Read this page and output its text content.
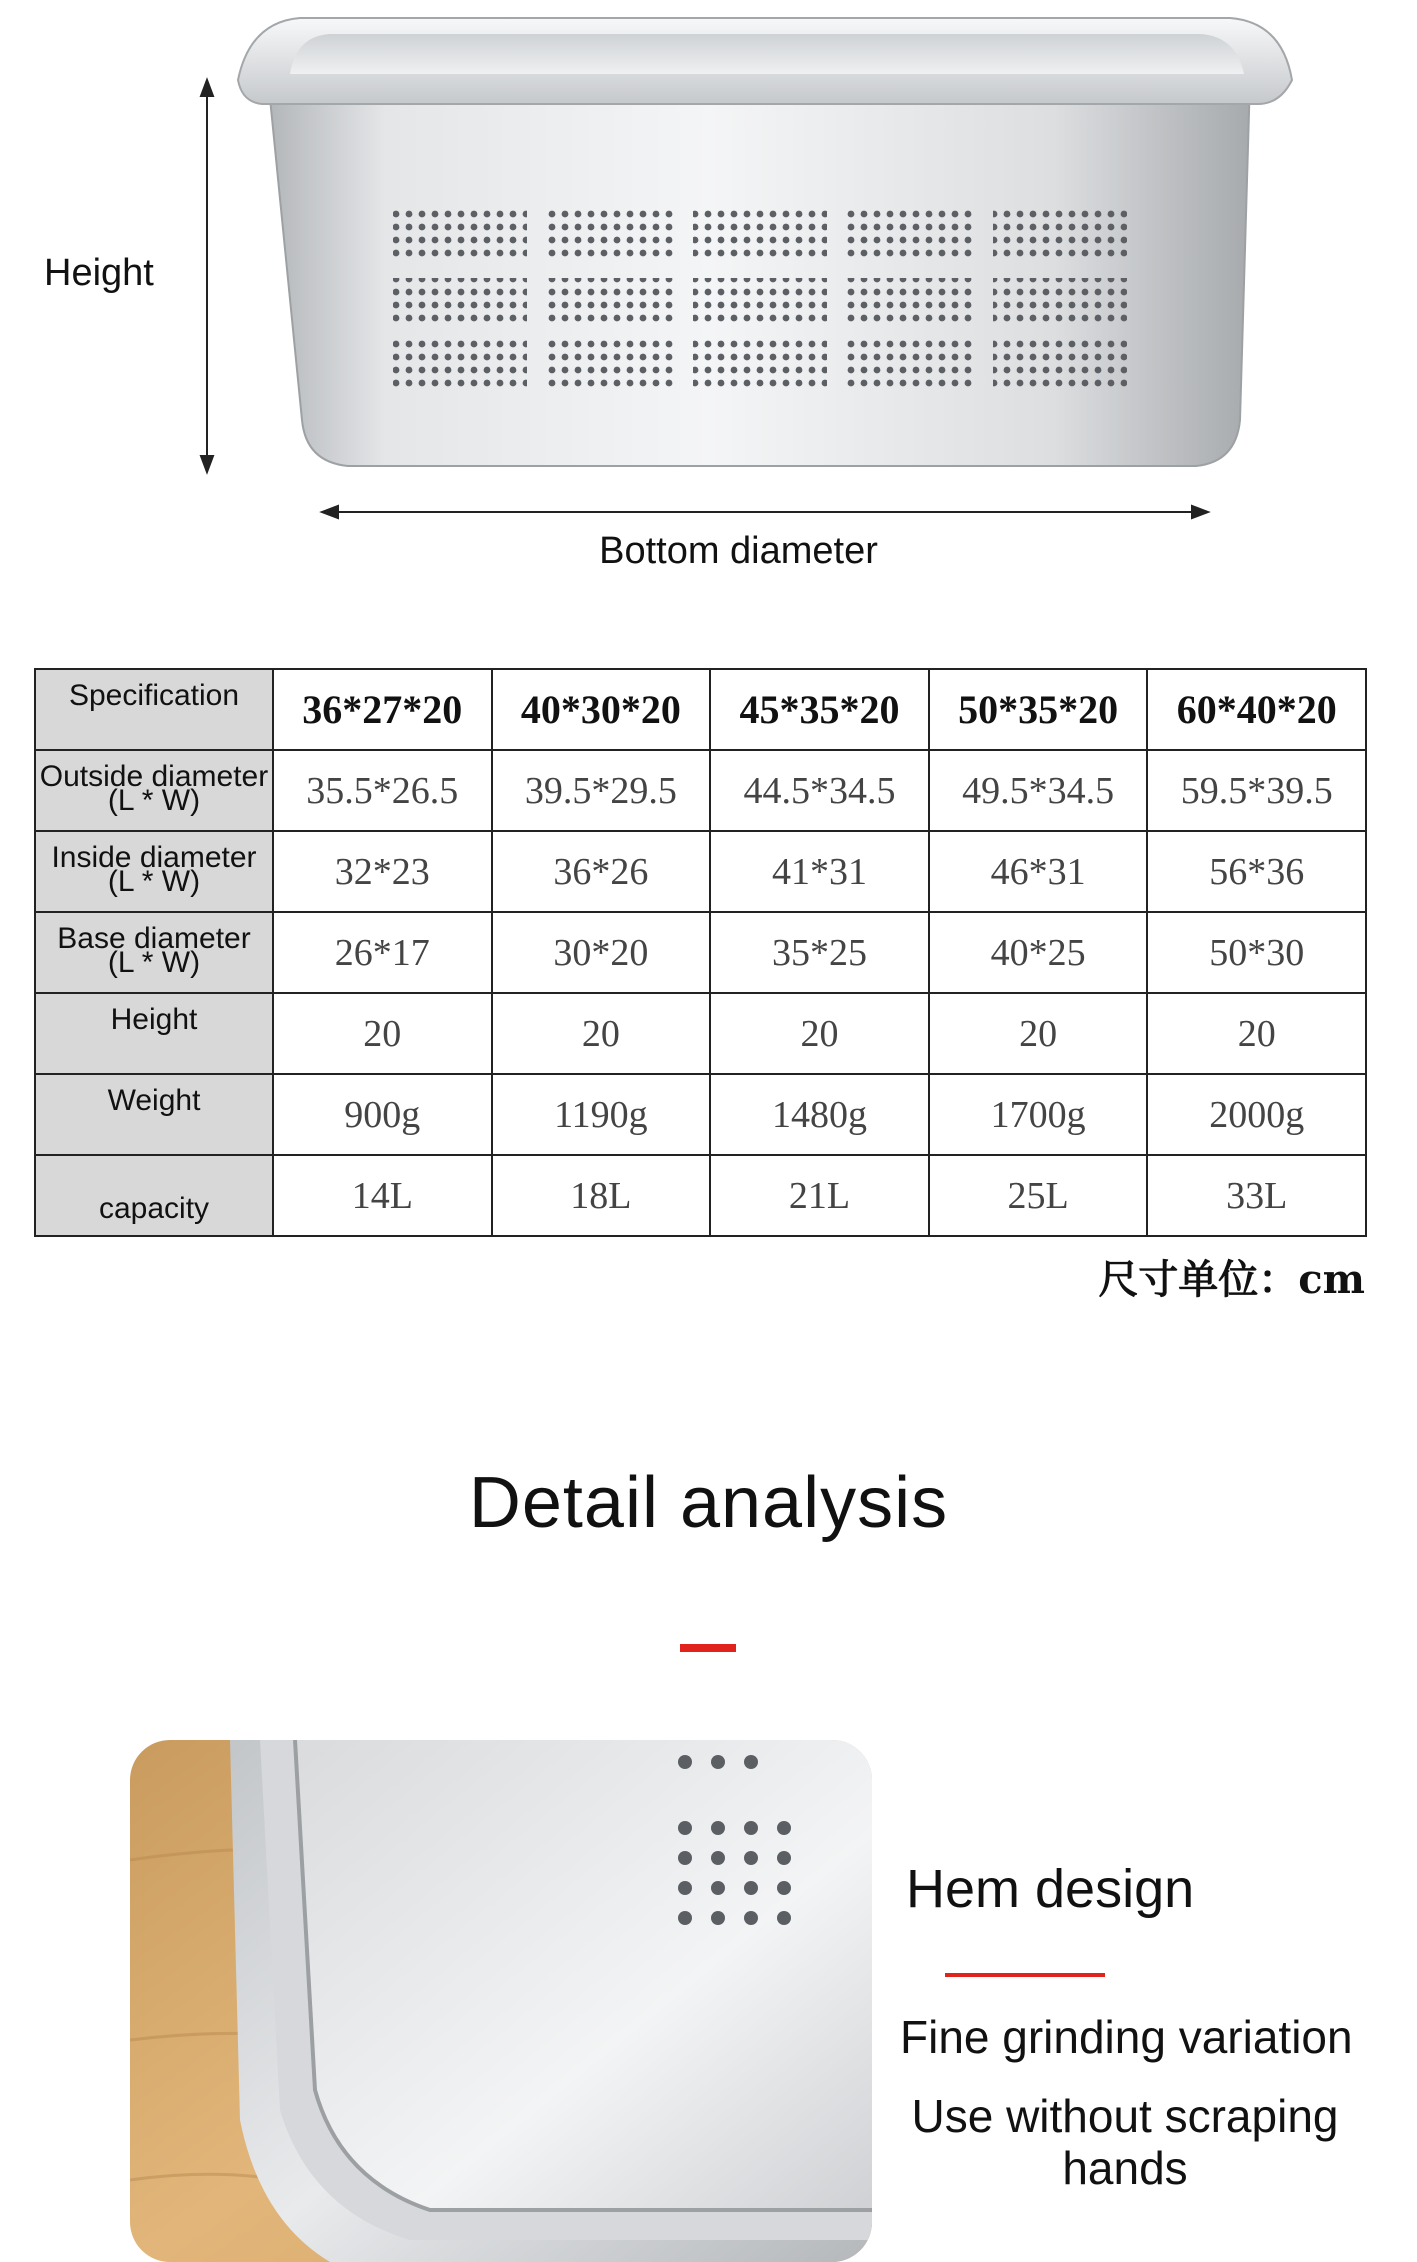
Height
Bottom diameter
Specification	36*27*20	40*30*20	45*35*20	50*35*20	60*40*20

Outside diameter
(L * W)	35.5*26.5	39.5*29.5	44.5*34.5	49.5*34.5	59.5*39.5

Inside diameter
(L * W)	32*23	36*26	41*31	46*31	56*36

Base diameter
(L * W)	26*17	30*20	35*25	40*25	50*30

Height	20	20	20	20	20

Weight	900g	1190g	1480g	1700g	2000g

capacity	14L	18L	21L	25L	33L
尺寸单位：cm
Detail analysis
Hem design
Fine grinding variation
Use without scraping hands
